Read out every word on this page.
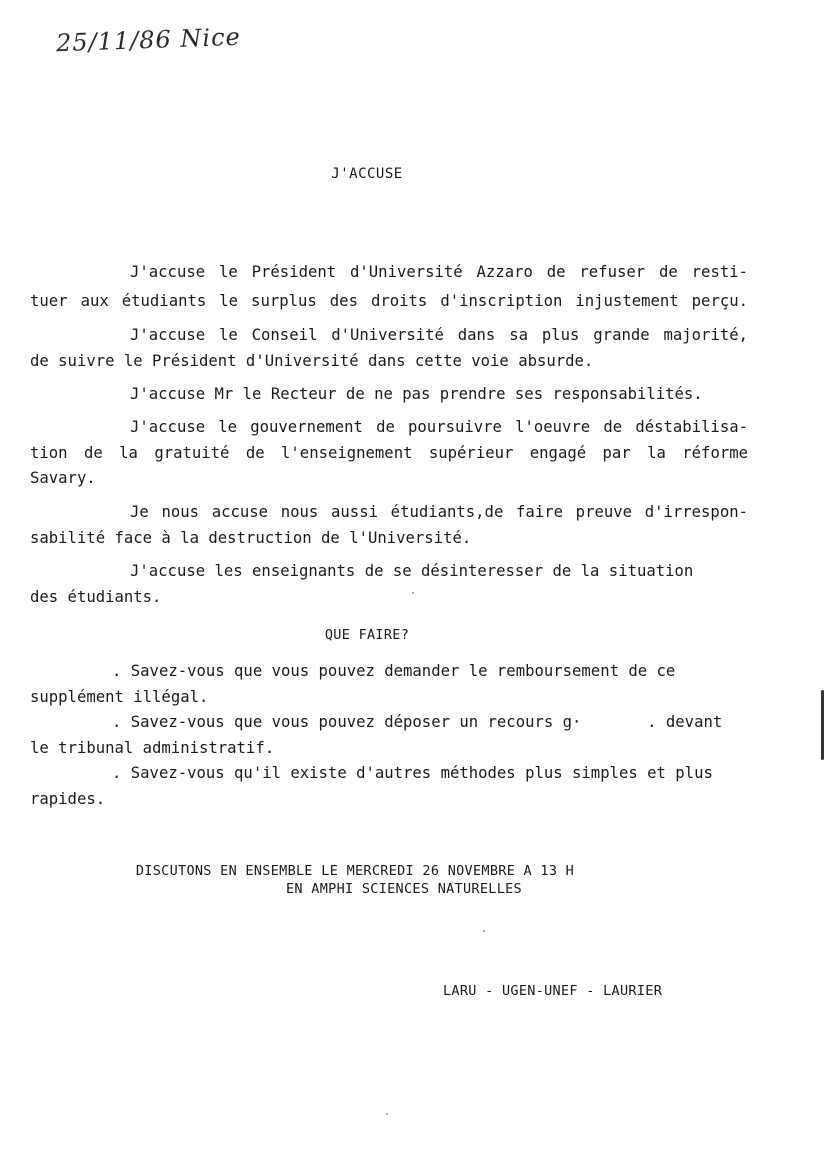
25/11/86 Nice
J'ACCUSE
J'accuse le Président d'Université Azzaro de refuser de resti-
tuer aux étudiants le surplus des droits d'inscription injustement perçu.
J'accuse le Conseil d'Université dans sa plus grande majorité,
de suivre le Président d'Université dans cette voie absurde.
J'accuse Mr le Recteur de ne pas prendre ses responsabilités.
J'accuse le gouvernement de poursuivre l'oeuvre de déstabilisa-
tion de la gratuité de l'enseignement supérieur engagé par la réforme
Savary.
Je nous accuse nous aussi étudiants,de faire preuve d'irrespon-
sabilité face à la destruction de l'Université.
J'accuse les enseignants de se désinteresser de la situation
des étudiants.
QUE FAIRE?
. Savez-vous que vous pouvez demander le remboursement de ce
supplément illégal.
. Savez-vous que vous pouvez déposer un recours g·       . devant
le tribunal administratif.
. Savez-vous qu'il existe d'autres méthodes plus simples et plus
rapides.
DISCUTONS EN ENSEMBLE LE MERCREDI 26 NOVEMBRE A 13 H
EN AMPHI SCIENCES NATURELLES
LARU - UGEN-UNEF - LAURIER
